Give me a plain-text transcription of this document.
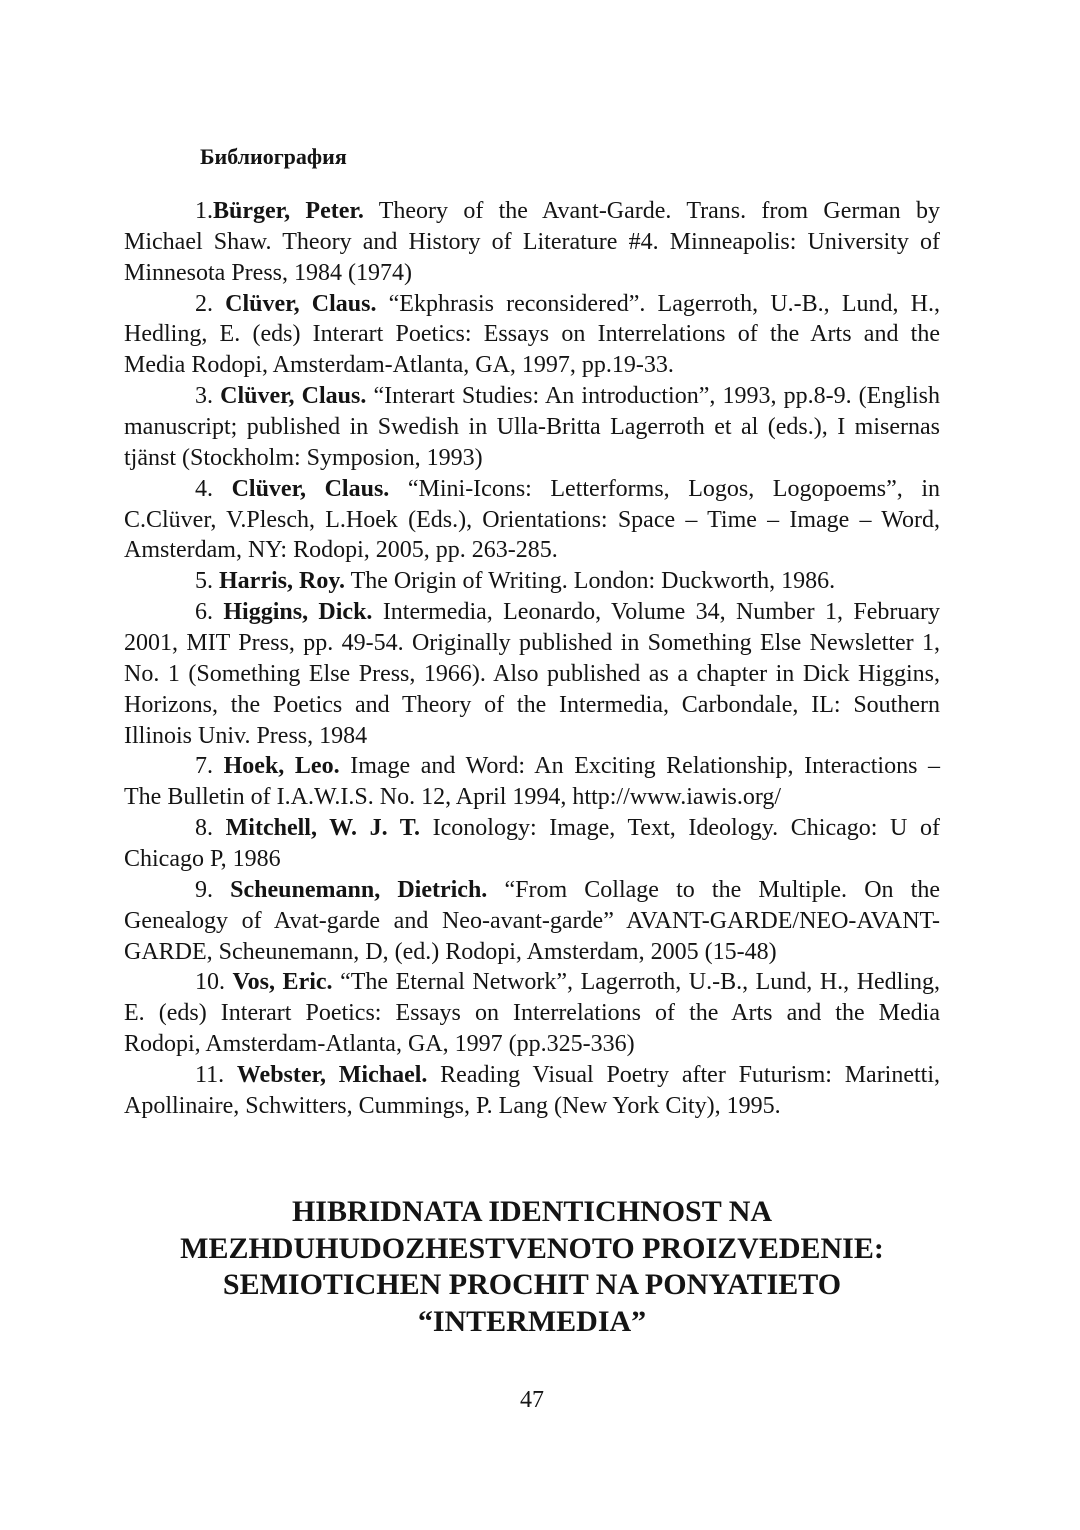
Библиография
1.Bürger, Peter. Theory of the Avant-Garde. Trans. from German by
Michael Shaw. Theory and History of Literature #4. Minneapolis: University of
Minnesota Press, 1984 (1974)
2. Clüver, Claus. “Ekphrasis reconsidered”. Lagerroth, U.-B., Lund, H.,
Hedling, E. (eds) Interart Poetics: Essays on Interrelations of the Arts and the
Media Rodopi, Amsterdam-Atlanta, GA, 1997, pp.19-33.
3. Clüver, Claus. “Interart Studies: An introduction”, 1993, pp.8-9. (English
manuscript; published in Swedish in Ulla-Britta Lagerroth et al (eds.), I misernas
tjänst (Stockholm: Symposion, 1993)
4. Clüver, Claus. “Mini-Icons: Letterforms, Logos, Logopoems”, in
C.Clüver, V.Plesch, L.Hoek (Eds.), Orientations: Space – Time – Image – Word,
Amsterdam, NY: Rodopi, 2005, pp. 263-285.
5. Harris, Roy. The Origin of Writing. London: Duckworth, 1986.
6. Higgins, Dick. Intermedia, Leonardo, Volume 34, Number 1, February
2001, MIT Press, pp. 49-54. Originally published in Something Else Newsletter 1,
No. 1 (Something Else Press, 1966). Also published as a chapter in Dick Higgins,
Horizons, the Poetics and Theory of the Intermedia, Carbondale, IL: Southern
Illinois Univ. Press, 1984
7. Hoek, Leo. Image and Word: An Exciting Relationship, Interactions –
The Bulletin of I.A.W.I.S. No. 12, April 1994, http://www.iawis.org/
8. Mitchell, W. J. T. Iconology: Image, Text, Ideology. Chicago: U of
Chicago P, 1986
9. Scheunemann, Dietrich. “From Collage to the Multiple. On the
Genealogy of Avat-garde and Neo-avant-garde” AVANT-GARDE/NEO-AVANT-
GARDE, Scheunemann, D, (ed.) Rodopi, Amsterdam, 2005 (15-48)
10. Vos, Eric. “The Eternal Network”, Lagerroth, U.-B., Lund, H., Hedling,
E. (eds) Interart Poetics: Essays on Interrelations of the Arts and the Media
Rodopi, Amsterdam-Atlanta, GA, 1997 (pp.325-336)
11. Webster, Michael. Reading Visual Poetry after Futurism: Marinetti,
Apollinaire, Schwitters, Cummings, P. Lang (New York City), 1995.
HIBRIDNATA IDENTICHNOST NA
MEZHDUHUDOZHESTVENOTO PROIZVEDENIE:
SEMIOTICHEN PROCHIT NA PONYATIETO
“INTERMEDIA”
47
